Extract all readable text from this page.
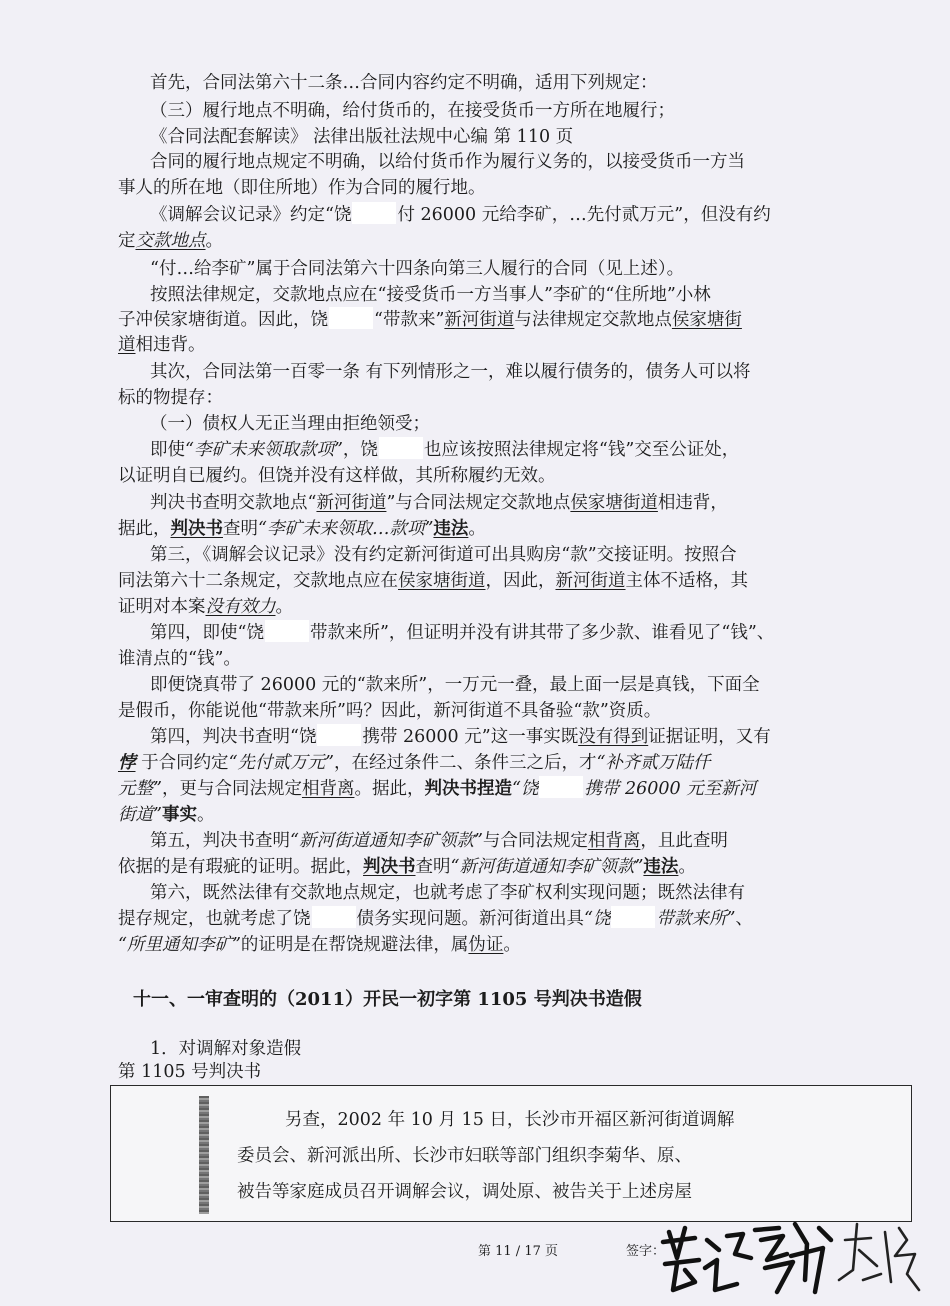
首先，合同法第六十二条…合同内容约定不明确，适用下列规定：
（三）履行地点不明确，给付货币的，在接受货币一方所在地履行；
《合同法配套解读》 法律出版社法规中心编 第 110 页
合同的履行地点规定不明确，以给付货币作为履行义务的，以接受货币一方当
事人的所在地（即住所地）作为合同的履行地。
《调解会议记录》约定“饶	付 26000 元给李矿，…先付贰万元”，但没有约
定交款地点。
“付…给李矿”属于合同法第六十四条向第三人履行的合同（见上述）。
按照法律规定，交款地点应在“接受货币一方当事人”李矿的“住所地”小林
子冲侯家塘街道。因此，饶	“带款来”新河街道与法律规定交款地点侯家塘街
道相违背。
其次，合同法第一百零一条 有下列情形之一，难以履行债务的，债务人可以将
标的物提存：
（一）债权人无正当理由拒绝领受；
即使“李矿未来领取款项”，饶	也应该按照法律规定将“钱”交至公证处，
以证明自已履约。但饶并没有这样做，其所称履约无效。
判决书查明交款地点“新河街道”与合同法规定交款地点侯家塘街道相违背，
据此，判决书查明“李矿未来领取…款项”违法。
第三，《调解会议记录》没有约定新河街道可出具购房“款”交接证明。按照合
同法第六十二条规定，交款地点应在侯家塘街道，因此，新河街道主体不适格，其
证明对本案没有效力。
第四，即使“饶	带款来所”，但证明并没有讲其带了多少款、谁看见了“钱”、
谁清点的“钱”。
即便饶真带了 26000 元的“款来所”，一万元一叠，最上面一层是真钱，下面全
是假币，你能说他“带款来所”吗？因此，新河街道不具备验“款”资质。
第四，判决书查明“饶	携带 26000 元”这一事实既没有得到证据证明，又有
悖 于合同约定“先付贰万元”，在经过条件二、条件三之后，才“补齐贰万陆仟
元整”，更与合同法规定相背离。据此，判决书捏造“饶	携带 26000 元至新河
街道”事实。
第五，判决书查明“新河街道通知李矿领款”与合同法规定相背离，且此查明
依据的是有瑕疵的证明。据此，判决书查明“新河街道通知李矿领款”违法。
第六，既然法律有交款地点规定，也就考虑了李矿权利实现问题；既然法律有
提存规定，也就考虑了饶	债务实现问题。新河街道出具“饶	带款来所”、
“所里通知李矿”的证明是在帮饶规避法律，属伪证。
十一、一审查明的（2011）开民一初字第 1105 号判决书造假
1．对调解对象造假
第 1105 号判决书
另查，2002 年 10 月 15 日，长沙市开福区新河街道调解
委员会、新河派出所、长沙市妇联等部门组织李菊华、原、
被告等家庭成员召开调解会议，调处原、被告关于上述房屋
第 11 / 17 页	签字：
